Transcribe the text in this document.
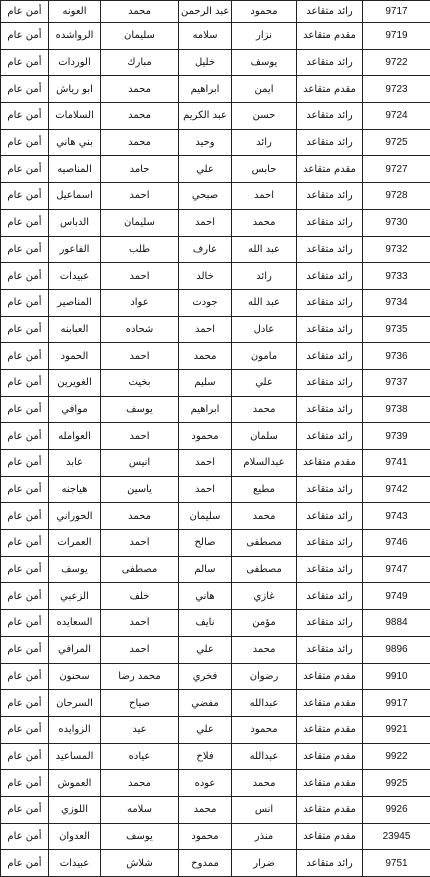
أمن عام	العونه	محمد	عبد الرحمن	محمود	رائد متقاعد	9717
أمن عام	الرواشده	سليمان	سلامه	نزار	مقدم متقاعد	9719
أمن عام	الوردات	مبارك	خليل	يوسف	رائد متقاعد	9722
أمن عام	ابو رياش	محمد	ابراهيم	ايمن	مقدم متقاعد	9723
أمن عام	السلامات	محمد	عبد الكريم	حسن	رائد متقاعد	9724
أمن عام	بني هاني	محمد	وحيد	رائد	رائد متقاعد	9725
أمن عام	المناصيه	حامد	علي	حابس	مقدم متقاعد	9727
أمن عام	اسماعيل	احمد	صبحي	احمد	رائد متقاعد	9728
أمن عام	الدباس	سليمان	احمد	محمد	رائد متقاعد	9730
أمن عام	الفاعور	طلب	عارف	عبد الله	رائد متقاعد	9732
أمن عام	عبيدات	احمد	خالد	رائد	رائد متقاعد	9733
أمن عام	المناصير	عواد	جودت	عبد الله	رائد متقاعد	9734
أمن عام	العبابنه	شحاده	احمد	عادل	رائد متقاعد	9735
أمن عام	الحمود	احمد	محمد	مامون	رائد متقاعد	9736
أمن عام	الغويرين	بخيت	سليم	علي	رائد متقاعد	9737
أمن عام	موافي	يوسف	ابراهيم	محمد	رائد متقاعد	9738
أمن عام	العوامله	احمد	محمود	سلمان	رائد متقاعد	9739
أمن عام	عابد	انيس	احمد	عبدالسلام	مقدم متقاعد	9741
أمن عام	هياجنه	ياسين	احمد	مطيع	رائد متقاعد	9742
أمن عام	الحوراني	محمد	سليمان	محمد	رائد متقاعد	9743
أمن عام	العمرات	احمد	صالح	مصطفى	رائد متقاعد	9746
أمن عام	يوسف	مصطفى	سالم	مصطفى	رائد متقاعد	9747
أمن عام	الزعبي	خلف	هاني	غازي	رائد متقاعد	9749
أمن عام	السعايده	احمد	نايف	مؤمن	رائد متقاعد	9884
أمن عام	المرافي	احمد	علي	محمد	رائد متقاعد	9896
أمن عام	سحنون	محمد رضا	فخري	رضوان	مقدم متقاعد	9910
أمن عام	السرحان	صياح	مفضي	عبدالله	مقدم متقاعد	9917
أمن عام	الزوايده	عيد	علي	محمود	مقدم متقاعد	9921
أمن عام	المساعيد	عياده	فلاح	عبدالله	مقدم متقاعد	9922
أمن عام	العموش	محمد	عوده	محمد	مقدم متقاعد	9925
أمن عام	اللوزي	سلامه	محمد	انس	مقدم متقاعد	9926
أمن عام	العدوان	يوسف	محمود	منذر	مقدم متقاعد	23945
أمن عام	عبيدات	شلاش	ممدوح	ضرار	رائد متقاعد	9751
